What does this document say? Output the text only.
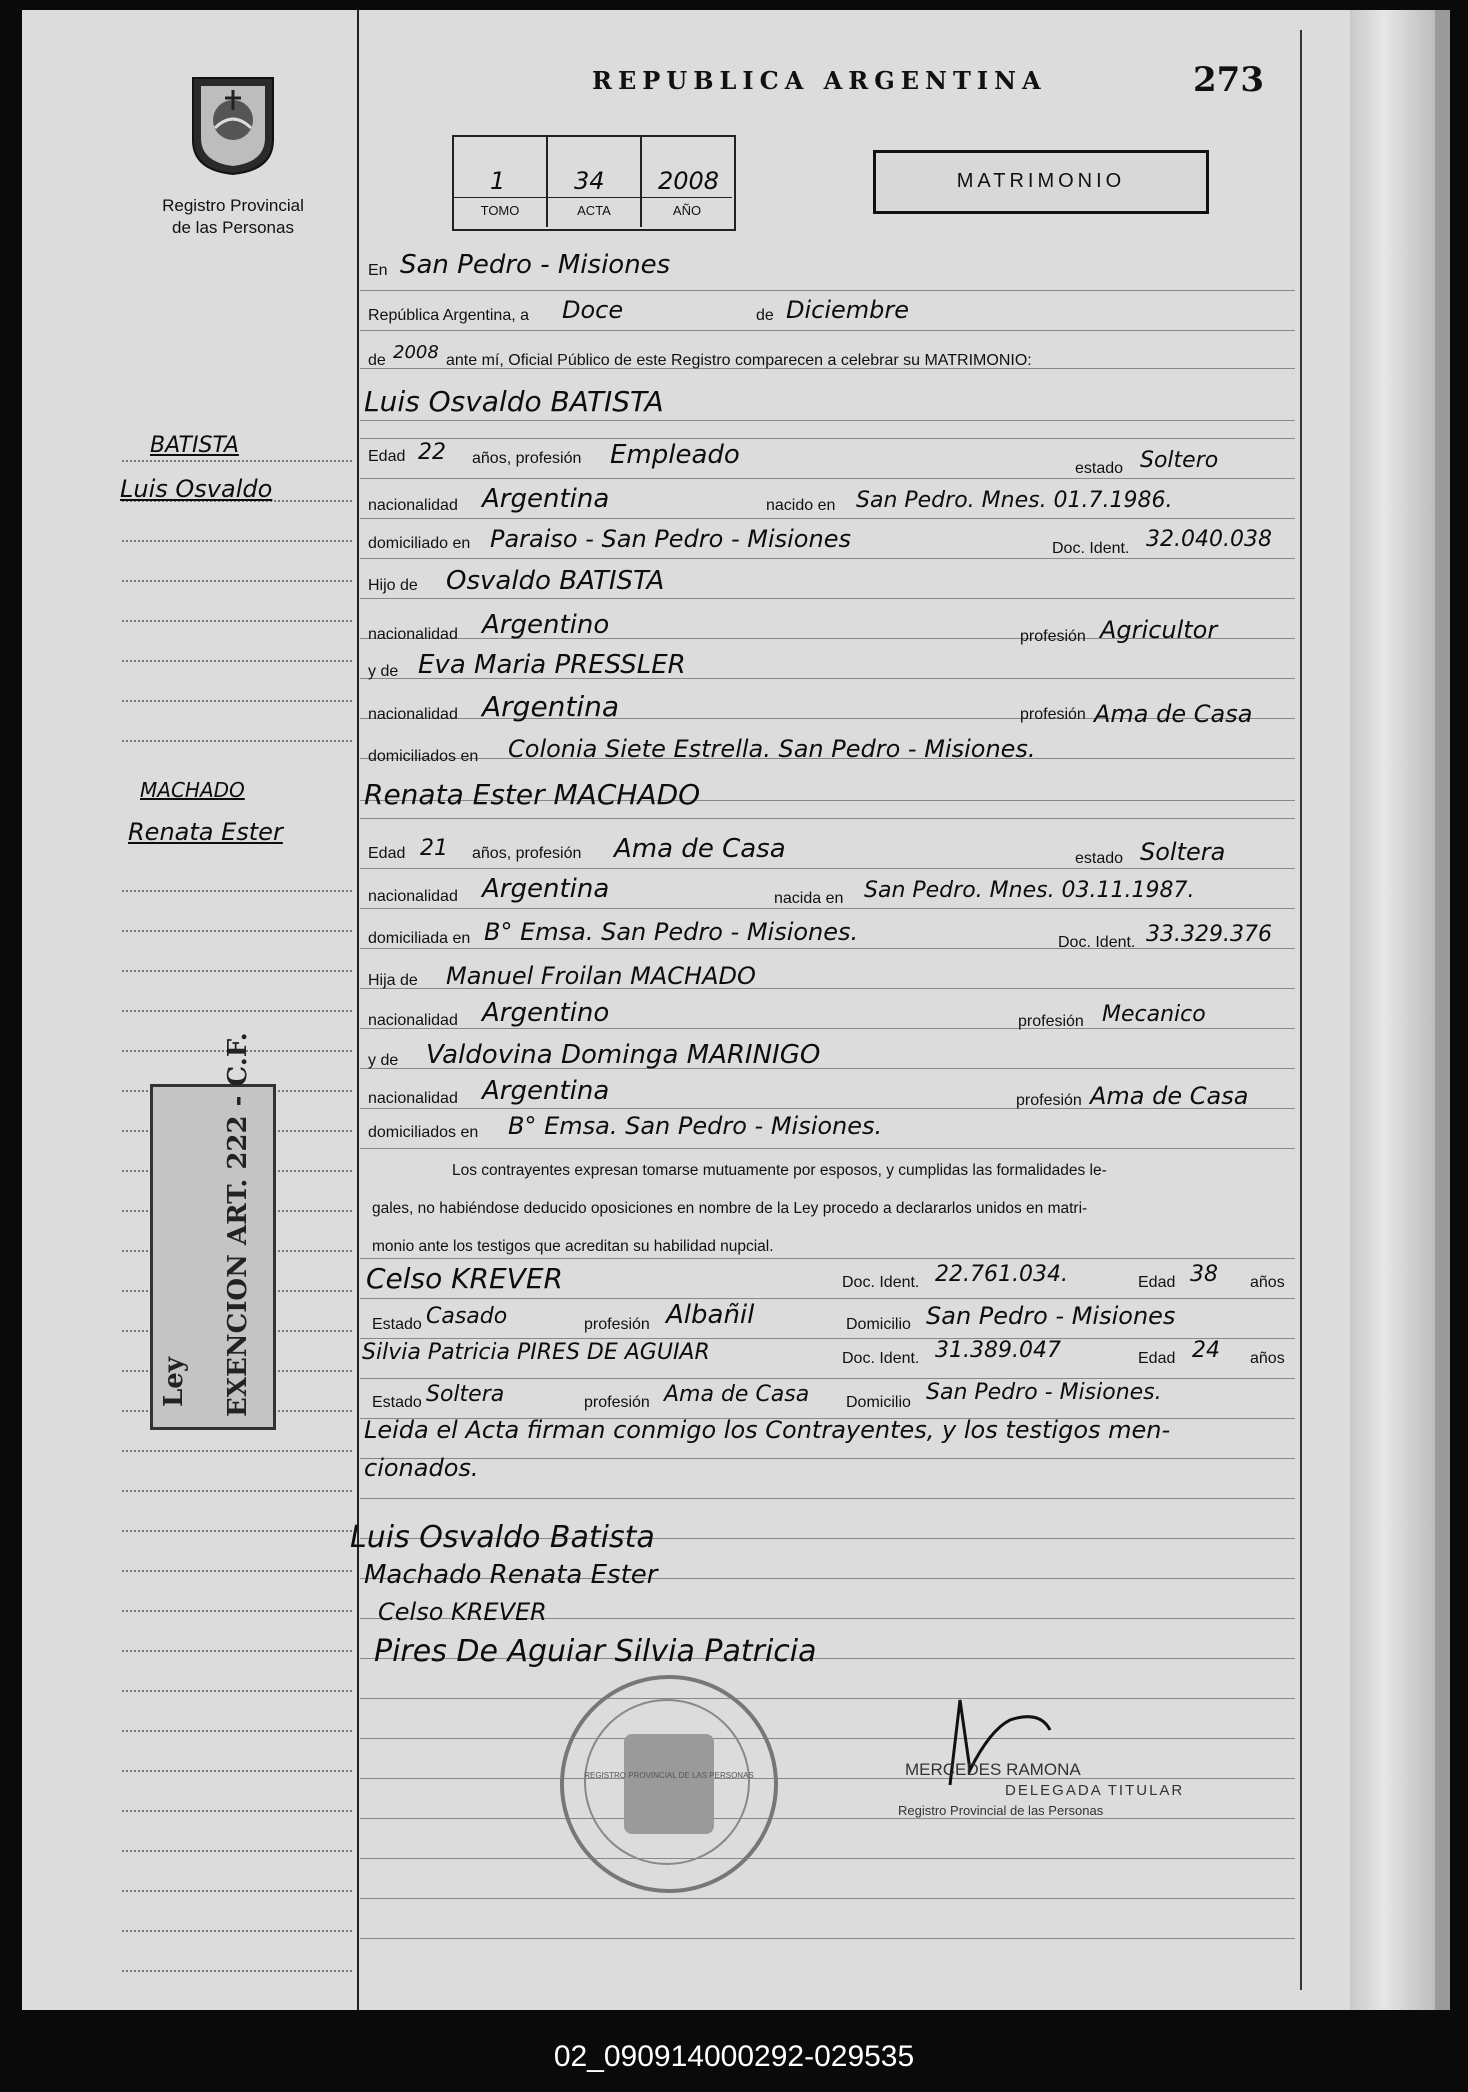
Registro Provincial
de las Personas
REPUBLICA ARGENTINA	273
1
TOMO
34
ACTA
2008
AÑO
MATRIMONIO
BATISTA
Luis Osvaldo
MACHADO
Renata Ester
Ley EXENCION ART. 222 - C.F.
En San Pedro - Misiones
República Argentina, a Doce	de Diciembre
de 2008 ante mí, Oficial Público de este Registro comparecen a celebrar su MATRIMONIO:
Luis Osvaldo BATISTA
Edad 22 años, profesión Empleado	estado Soltero
nacionalidad Argentina	nacido en San Pedro. Mnes. 01.7.1986.
domiciliado en Paraiso - San Pedro - Misiones	Doc. Ident. 32.040.038
Hijo de Osvaldo BATISTA
nacionalidad Argentino	profesión Agricultor
y de Eva Maria PRESSLER
nacionalidad Argentina	profesión Ama de Casa
domiciliados en Colonia Siete Estrella. San Pedro - Misiones.
Renata Ester MACHADO
Edad 21 años, profesión Ama de Casa	estado Soltera
nacionalidad Argentina	nacida en San Pedro. Mnes. 03.11.1987.
domiciliada en B° Emsa. San Pedro - Misiones.	Doc. Ident. 33.329.376
Hija de Manuel Froilan MACHADO
nacionalidad Argentino	profesión Mecanico
y de Valdovina Dominga MARINIGO
nacionalidad Argentina	profesión Ama de Casa
domiciliados en B° Emsa. San Pedro - Misiones.
Los contrayentes expresan tomarse mutuamente por esposos, y cumplidas las formalidades le-
gales, no habiéndose deducido oposiciones en nombre de la Ley procedo a declararlos unidos en matri-
monio ante los testigos que acreditan su habilidad nupcial.
Celso KREVER	Doc. Ident. 22.761.034.	Edad 38 años
Estado Casado	profesión Albañil	Domicilio San Pedro - Misiones
Silvia Patricia PIRES DE AGUIAR	Doc. Ident. 31.389.047	Edad 24 años
Estado Soltera	profesión Ama de Casa Domicilio San Pedro - Misiones.
Leida el Acta firman conmigo los Contrayentes, y los testigos men-
cionados.
Luis Osvaldo Batista
Machado Renata Ester
Celso KREVER
Pires De Aguiar Silvia Patricia
REGISTRO PROVINCIAL DE LAS PERSONAS	MERCEDES RAMONA
DELEGADA TITULAR
Registro Provincial de las Personas
02_090914000292-029535
